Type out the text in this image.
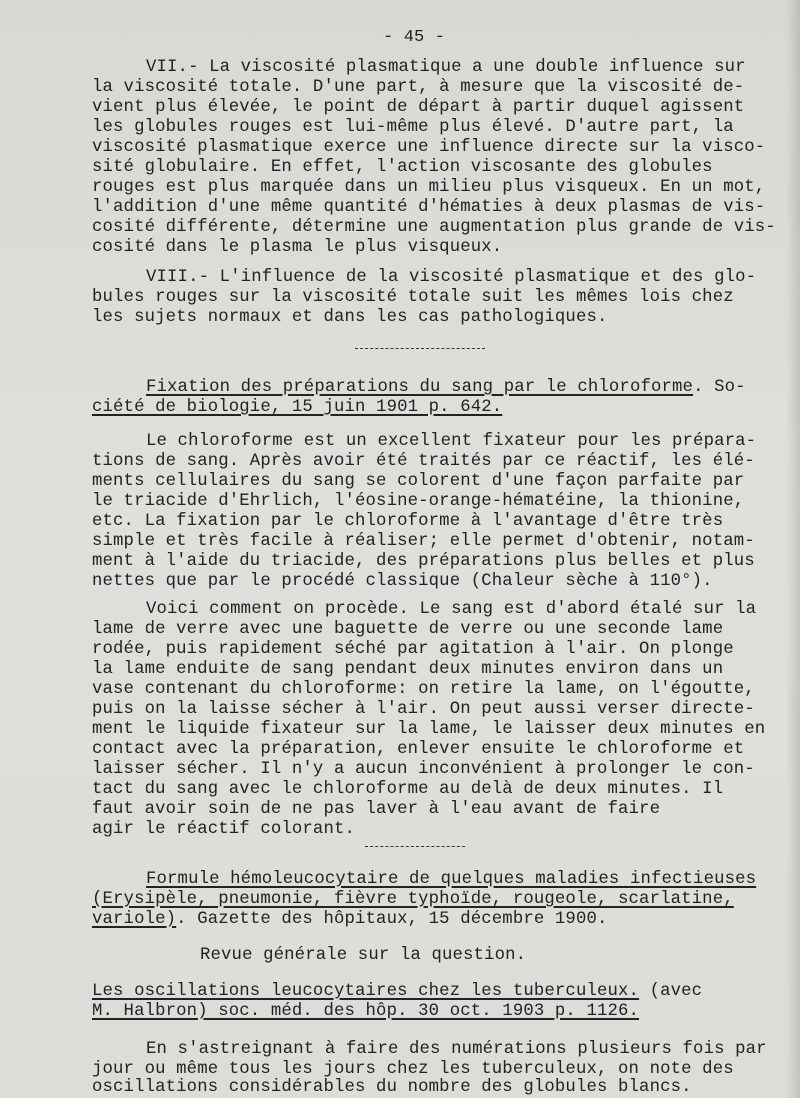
- 45 -
VII.- La viscosité plasmatique a une double influence sur
la viscosité totale. D'une part, à mesure que la viscosité de-
vient plus élevée, le point de départ à partir duquel agissent
les globules rouges est lui-même plus élevé. D'autre part, la
viscosité plasmatique exerce une influence directe sur la visco-
sité globulaire. En effet, l'action viscosante des globules
rouges est plus marquée dans un milieu plus visqueux. En un mot,
l'addition d'une même quantité d'hématies à deux plasmas de vis-
cosité différente, détermine une augmentation plus grande de vis-
cosité dans le plasma le plus visqueux.
VIII.- L'influence de la viscosité plasmatique et des glo-
bules rouges sur la viscosité totale suit les mêmes lois chez
les sujets normaux et dans les cas pathologiques.
Fixation des préparations du sang par le chloroforme. So-
ciété de biologie, 15 juin 1901 p. 642.
Le chloroforme est un excellent fixateur pour les prépara-
tions de sang. Après avoir été traités par ce réactif, les élé-
ments cellulaires du sang se colorent d'une façon parfaite par
le triacide d'Ehrlich, l'éosine-orange-hématéine, la thionine,
etc. La fixation par le chloroforme à l'avantage d'être très
simple et très facile à réaliser; elle permet d'obtenir, notam-
ment à l'aide du triacide, des préparations plus belles et plus
nettes que par le procédé classique (Chaleur sèche à 110°).
Voici comment on procède. Le sang est d'abord étalé sur la
lame de verre avec une baguette de verre ou une seconde lame
rodée, puis rapidement séché par agitation à l'air. On plonge
la lame enduite de sang pendant deux minutes environ dans un
vase contenant du chloroforme: on retire la lame, on l'égoutte,
puis on la laisse sécher à l'air. On peut aussi verser directe-
ment le liquide fixateur sur la lame, le laisser deux minutes en
contact avec la préparation, enlever ensuite le chloroforme et
laisser sécher. Il n'y a aucun inconvénient à prolonger le con-
tact du sang avec le chloroforme au delà de deux minutes. Il
faut avoir soin de ne pas laver à l'eau avant de faire
agir le réactif colorant.
Formule hémoleucocytaire de quelques maladies infectieuses
(Erysipèle, pneumonie, fièvre typhoïde, rougeole, scarlatine,
variole). Gazette des hôpitaux, 15 décembre 1900.
Revue générale sur la question.
Les oscillations leucocytaires chez les tuberculeux. (avec
M. Halbron) soc. méd. des hôp. 30 oct. 1903 p. 1126.
En s'astreignant à faire des numérations plusieurs fois par
jour ou même tous les jours chez les tuberculeux, on note des
oscillations considérables du nombre des globules blancs.
